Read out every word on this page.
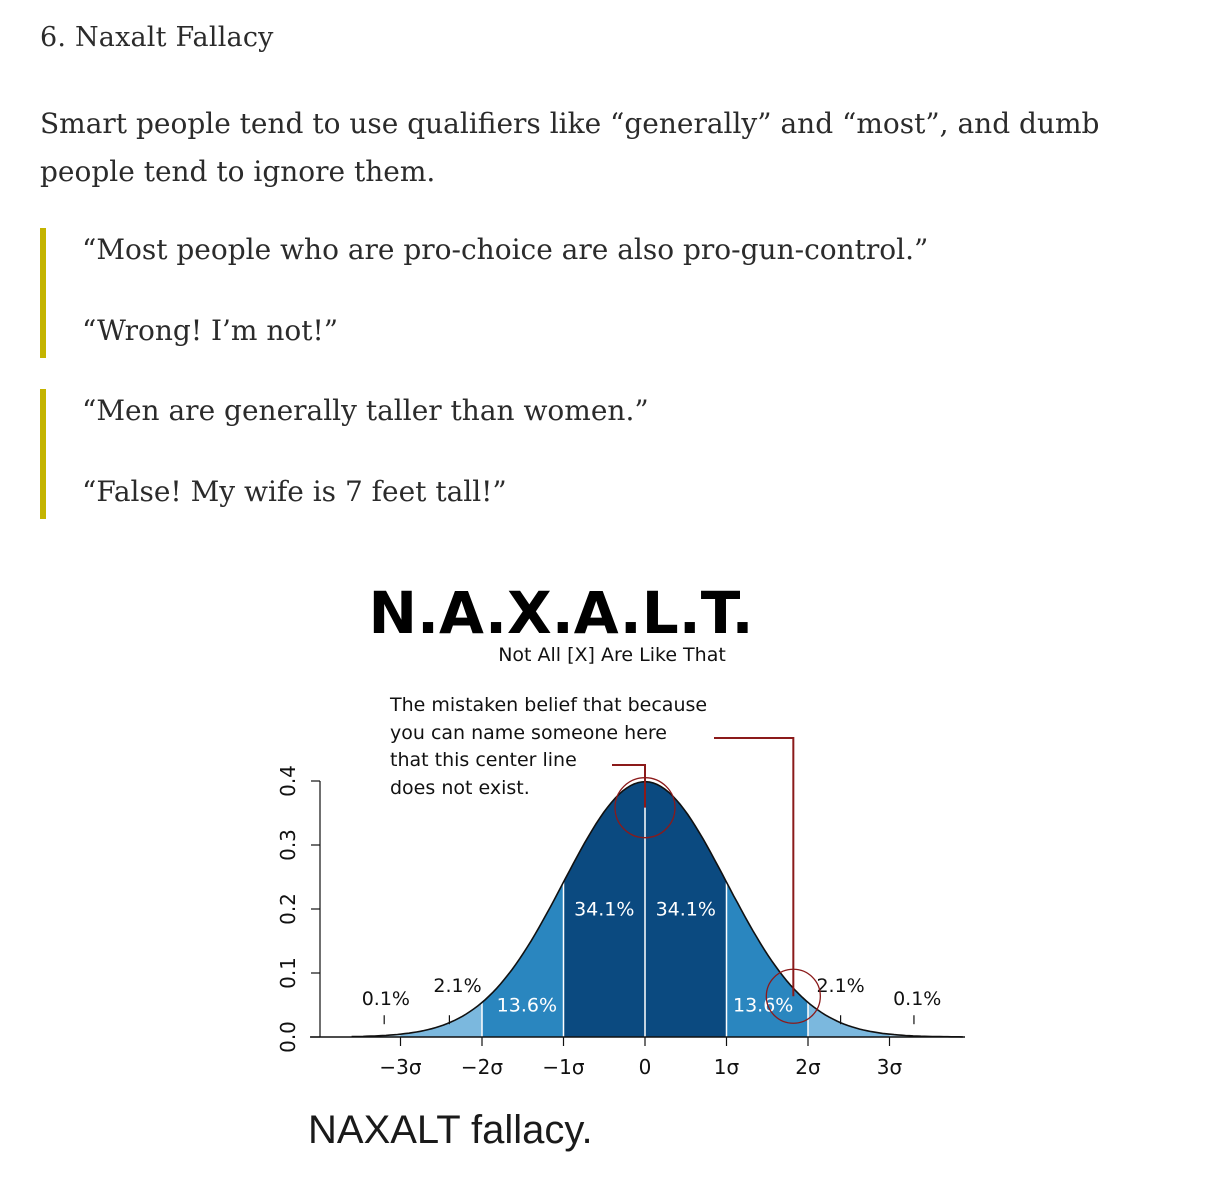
6. Naxalt Fallacy
Smart people tend to use qualifiers like “generally” and “most”, and dumb people tend to ignore them.

“Most people who are pro-choice are also pro-gun-control.”

“Wrong! I’m not!”

“Men are generally taller than women.”

“False! My wife is 7 feet tall!”

N.A.X.A.L.T.
Not All [X] Are Like That
The mistaken belief that because
you can name someone here
that this center line
does not exist.
−3σ −2σ −1σ	0	1σ	2σ	3σ
0.0
0.1
0.2
0.3
0.4
34.1% 34.1%
13.6%	13.6%
2.1%	2.1%
0.1%	0.1%
NAXALT fallacy.
